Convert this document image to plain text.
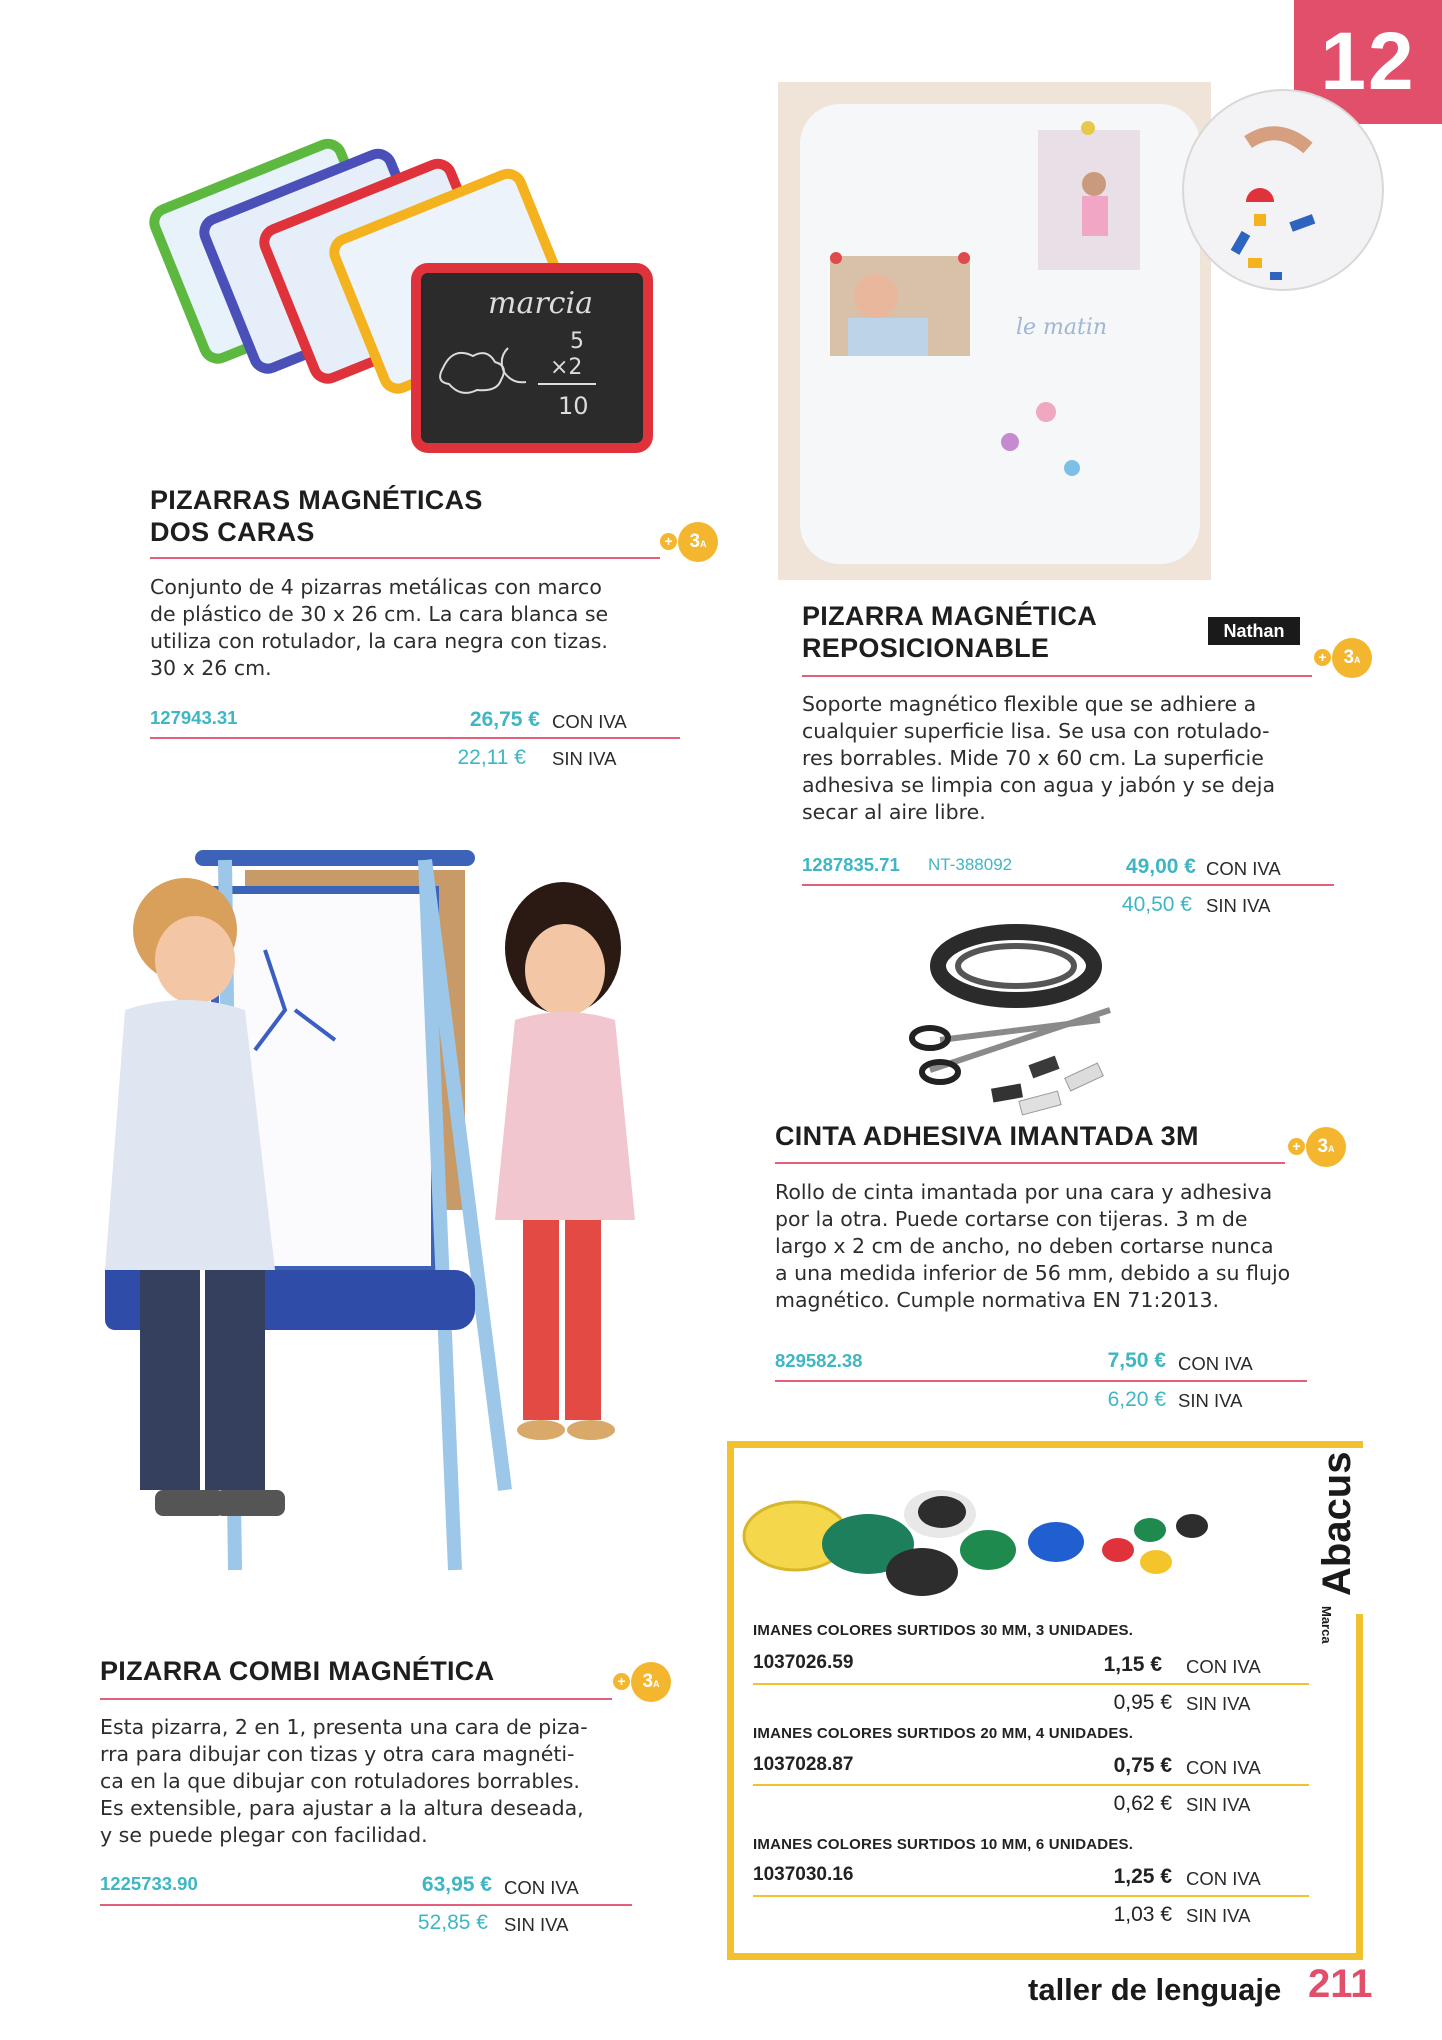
12
marcia
5
×2
10
PIZARRAS MAGNÉTICAS
DOS CARAS	+ 3A
Conjunto de 4 pizarras metálicas con marco
de plástico de 30 x 26 cm. La cara blanca se
utiliza con rotulador, la cara negra con tizas.
30 x 26 cm.
127943.31	26,75 € CON IVA
22,11 € SIN IVA
le matin
PIZARRA MAGNÉTICA
REPOSICIONABLE
Nathan
+ 3A
Soporte magnético flexible que se adhiere a
cualquier superficie lisa. Se usa con rotulado-
res borrables. Mide 70 x 60 cm. La superficie
adhesiva se limpia con agua y jabón y se deja
secar al aire libre.
1287835.71 NT-388092	49,00 € CON IVA
40,50 € SIN IVA
CINTA ADHESIVA IMANTADA 3M	+ 3A
Rollo de cinta imantada por una cara y adhesiva
por la otra. Puede cortarse con tijeras. 3 m de
largo x 2 cm de ancho, no deben cortarse nunca
a una medida inferior de 56 mm, debido a su flujo
magnético. Cumple normativa EN 71:2013.
829582.38	7,50 € CON IVA
6,20 € SIN IVA
PIZARRA COMBI MAGNÉTICA	+ 3A
Esta pizarra, 2 en 1, presenta una cara de piza-
rra para dibujar con tizas y otra cara magnéti-
ca en la que dibujar con rotuladores borrables.
Es extensible, para ajustar a la altura deseada,
y se puede plegar con facilidad.
1225733.90	63,95 € CON IVA
52,85 € SIN IVA
Abacus
Marca
IMANES COLORES SURTIDOS 30 MM, 3 UNIDADES.
1037026.59	1,15 € CON IVA
0,95 € SIN IVA
IMANES COLORES SURTIDOS 20 MM, 4 UNIDADES.
1037028.87	0,75 € CON IVA
0,62 € SIN IVA
IMANES COLORES SURTIDOS 10 MM, 6 UNIDADES.
1037030.16	1,25 € CON IVA
1,03 € SIN IVA
taller de lenguaje 211
